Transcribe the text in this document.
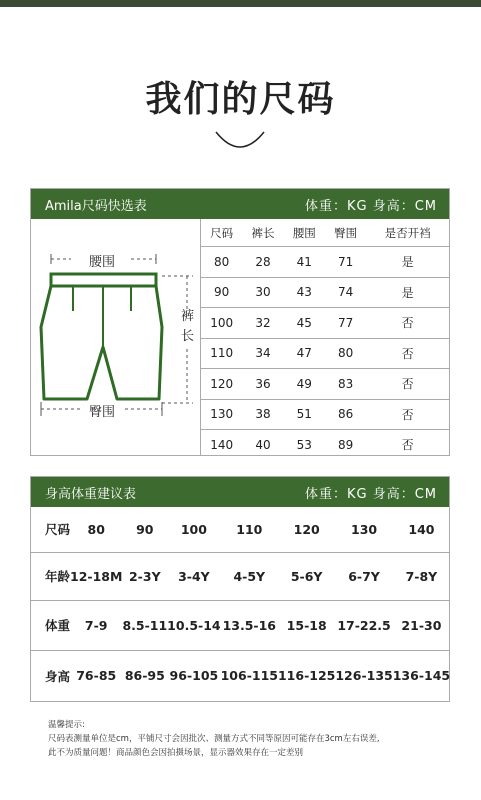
我们的尺码
Amila尺码快选表	体重：KG 身高：CM
腰围
裤长
臀围
尺码	裤长	腰围	臀围	是否开裆
80	28	41	71	是
90	30	43	74	是
100	32	45	77	否
110	34	47	80	否
120	36	49	83	否
130	38	51	86	否
140	40	53	89	否
身高体重建议表	体重：KG 身高：CM
尺码	80	90	100	110	120	130	140
年龄	12-18M	2-3Y	3-4Y	4-5Y	5-6Y	6-7Y	7-8Y
体重	7-9	8.5-11	10.5-14	13.5-16	15-18	17-22.5	21-30
身高	76-85	86-95	96-105	106-115	116-125	126-135	136-145
温馨提示:
尺码表测量单位是cm，平铺尺寸会因批次、测量方式不同等原因可能存在3cm左右误差,
此不为质量问题！商品颜色会因拍摄场景，显示器效果存在一定差别
